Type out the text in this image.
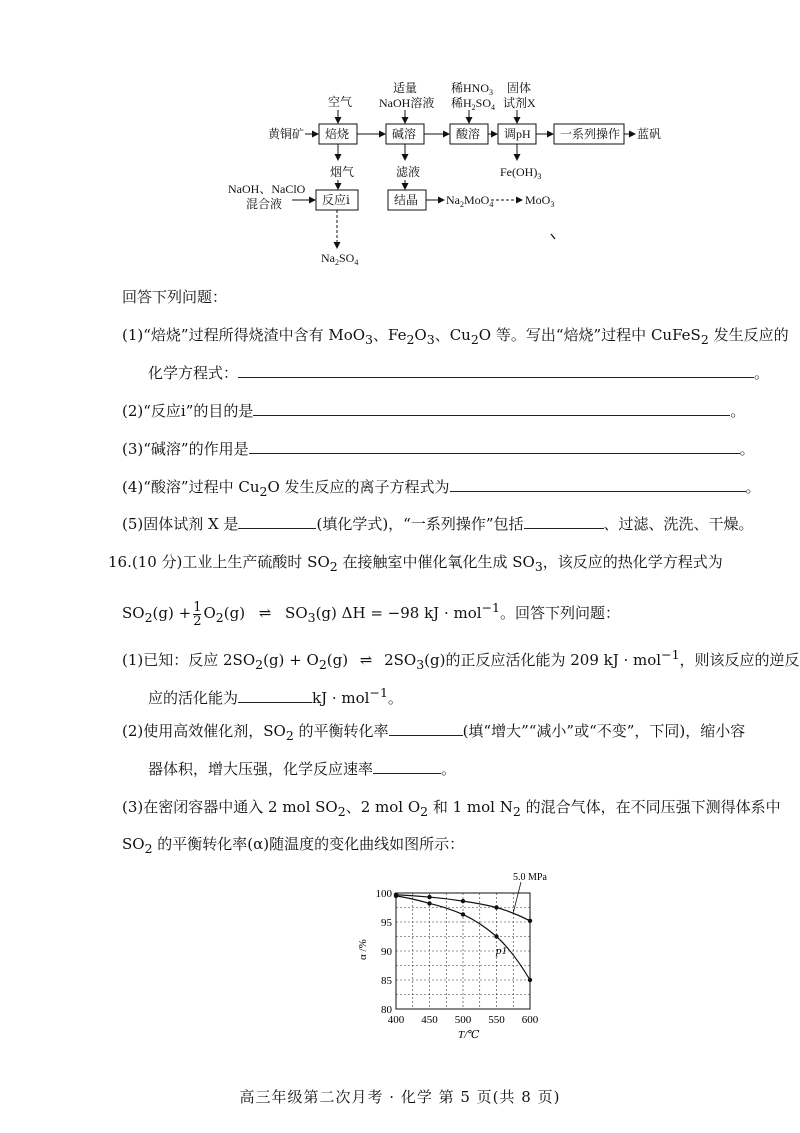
空气
适量
NaOH溶液
稀$HNO_3$
稀$H_2SO_4$
固体
试剂X
黄铜矿 焙烧	碱溶	酸溶 调pH 一系列操作 蓝矾
烟气	滤液	$Fe(OH)_3$
NaOH、NaClO
混合液	反应ⅰ	结晶 $Na_2MoO_4$	MoO$_3$
$Na_2SO_4$
回答下列问题：
(1)“焙烧”过程所得烧渣中含有 MoO$_3$、$Fe_2O_3$、$Cu_2O$ 等。写出“焙烧”过程中 CuFeS$_2$ 发生反应的
化学方程式：	。
(2)“反应ⅰ”的目的是	。
(3)“碱溶”的作用是	。
(4)“酸溶”过程中 $Cu_2O$ 发生反应的离子方程式为	。
(5)固体试剂 X 是	(填化学式)，“一系列操作”包括	、过滤、洗洗、干燥。
16.(10 分)工业上生产硫酸时 $SO_2$ 在接触室中催化氧化生成 $SO_3$，该反应的热化学方程式为
$SO_2(g) + \frac{1}{2} O_2(g)$ ⇌ $SO_3(g) \Delta H = -98$ kJ · mol$^{-1}$。回答下列问题：
(1)已知：反应 $2SO_2(g) + O_2(g)$ ⇌ $2SO_3(g)$的正反应活化能为 209 kJ · mol$^{-1}$，则该反应的逆反
应的活化能为	kJ · mol$^{-1}$。
(2)使用高效催化剂，$SO_2$ 的平衡转化率	(填“增大”“减小”或“不变”，下同)，缩小容
器体积，增大压强，化学反应速率	。
(3)在密闭容器中通入 2 mol $SO_2$、2 mol $O_2$ 和 1 mol $N_2$ 的混合气体，在不同压强下测得体系中
$SO_2$ 的平衡转化率(α)随温度的变化曲线如图所示：
400 450 500 550 600
80
85
90
95
100
T/℃
α /%
5.0 MPa
p1
高三年级第二次月考 · 化学 第 5 页(共 8 页)
